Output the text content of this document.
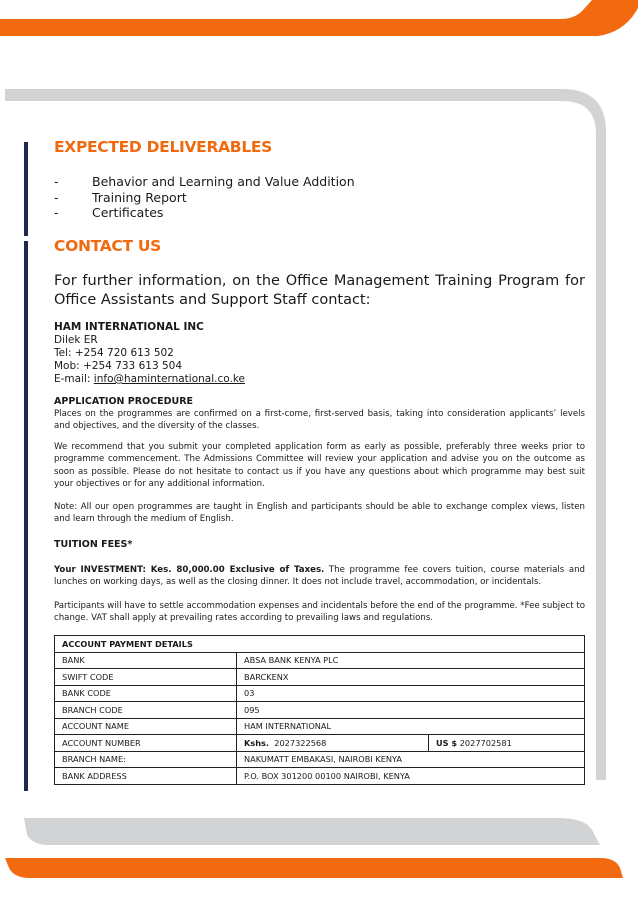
EXPECTED DELIVERABLES
-	Behavior and Learning and Value Addition
-	Training Report
-	Certificates
CONTACT US

For further information, on the Office Management Training Program for Office Assistants and Support Staff contact:

HAM INTERNATIONAL INC

Dilek ER

Tel: +254 720 613 502

Mob: +254 733 613 504

E-mail: info@haminternational.co.ke

APPLICATION PROCEDURE

Places on the programmes are confirmed on a first-come, first-served basis, taking into consideration applicants’ levels and objectives, and the diversity of the classes.

We recommend that you submit your completed application form as early as possible, preferably three weeks prior to programme commencement. The Admissions Committee will review your application and advise you on the outcome as soon as possible. Please do not hesitate to contact us if you have any questions about which programme may best suit your objectives or for any additional information.

Note: All our open programmes are taught in English and participants should be able to exchange complex views, listen and learn through the medium of English.

TUITION FEES*

Your INVESTMENT: Kes. 80,000.00 Exclusive of Taxes. The programme fee covers tuition, course materials and lunches on working days, as well as the closing dinner. It does not include travel, accommodation, or incidentals.

Participants will have to settle accommodation expenses and incidentals before the end of the programme. *Fee subject to change. VAT shall apply at prevailing rates according to prevailing laws and regulations.

ACCOUNT PAYMENT DETAILS		
BANK	ABSA BANK KENYA PLC	
SWIFT CODE	BARCKENX	
BANK CODE	03	
BRANCH CODE	095	
ACCOUNT NAME	HAM INTERNATIONAL	
ACCOUNT NUMBER	Kshs. 2027322568	US $ 2027702581
BRANCH NAME:	NAKUMATT EMBAKASI, NAIROBI KENYA	
BANK ADDRESS	P.O. BOX 301200 00100 NAIROBI, KENYA	
